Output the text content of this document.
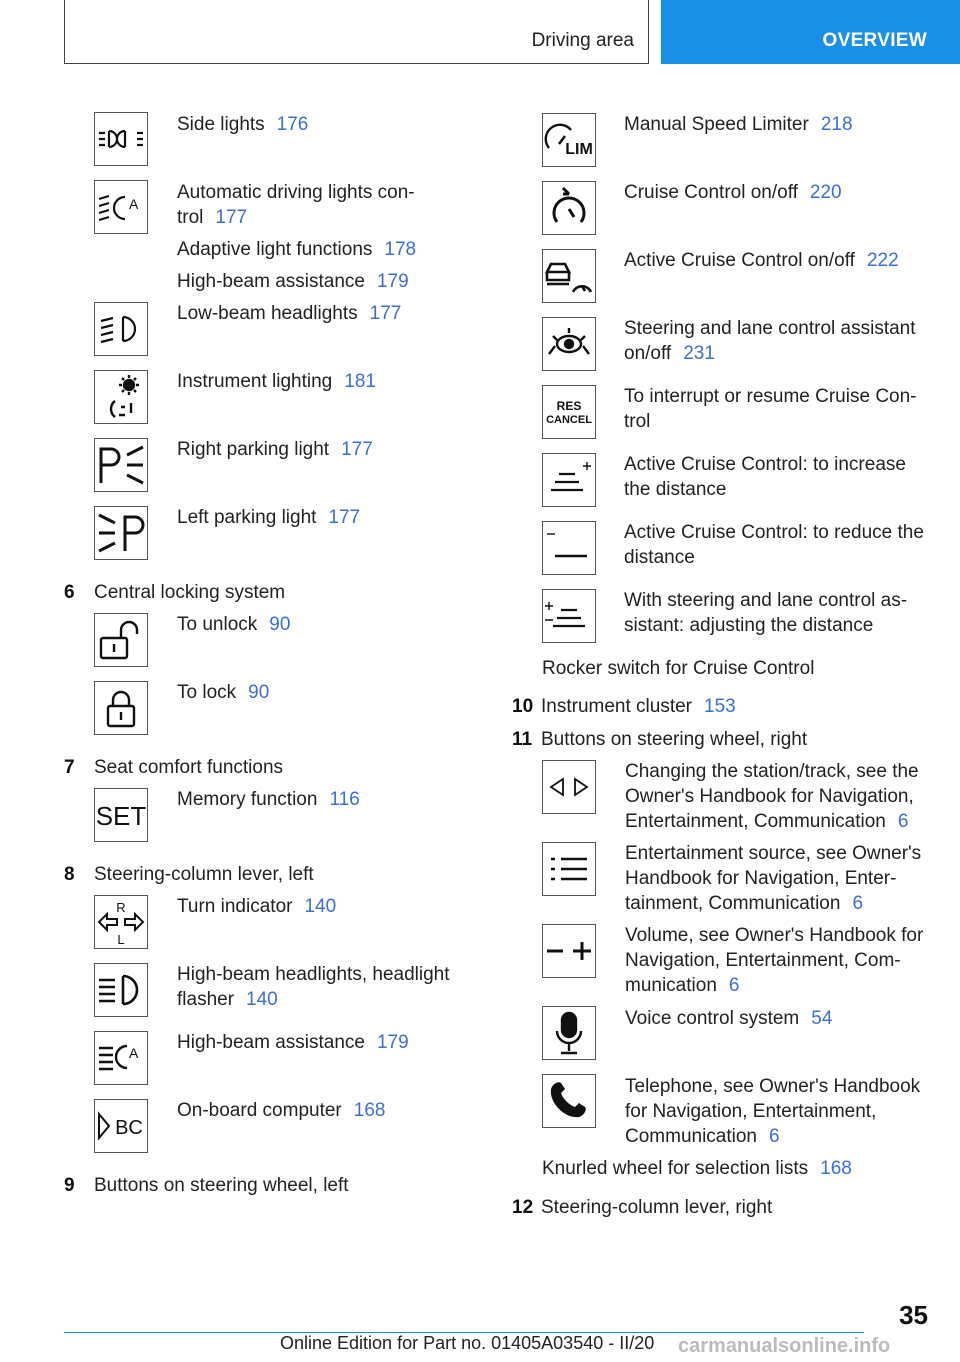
Driving area	OVERVIEW
Side lights 176
A
Automatic driving lights con-
trol 177
Adaptive light functions 178
High-beam assistance 179
Low-beam headlights 177
Instrument lighting 181
Right parking light 177
Left parking light 177
6 Central locking system
To unlock 90
To lock 90
7 Seat comfort functions
SET
Memory function 116
8 Steering-column lever, left
R
L
Turn indicator 140
High-beam headlights, headlight
flasher 140
A High-beam assistance 179
BC
On-board computer 168
9 Buttons on steering wheel, left
LIM
Manual Speed Limiter 218
Cruise Control on/off 220
Active Cruise Control on/off 222
Steering and lane control assistant
on/off 231
RES
CANCEL
To interrupt or resume Cruise Con-
trol
Active Cruise Control: to increase
the distance
Active Cruise Control: to reduce the
distance
With steering and lane control as-
sistant: adjusting the distance
Rocker switch for Cruise Control
10 Instrument cluster 153
11 Buttons on steering wheel, right
Changing the station/track, see the
Owner's Handbook for Navigation,
Entertainment, Communication 6
Entertainment source, see Owner's
Handbook for Navigation, Enter-
tainment, Communication 6
Volume, see Owner's Handbook for
Navigation, Entertainment, Com-
munication 6
Voice control system 54
Telephone, see Owner's Handbook
for Navigation, Entertainment,
Communication 6
Knurled wheel for selection lists 168
12 Steering-column lever, right
35
Online Edition for Part no. 01405A03540 - II/20 carmanualsonline.info
